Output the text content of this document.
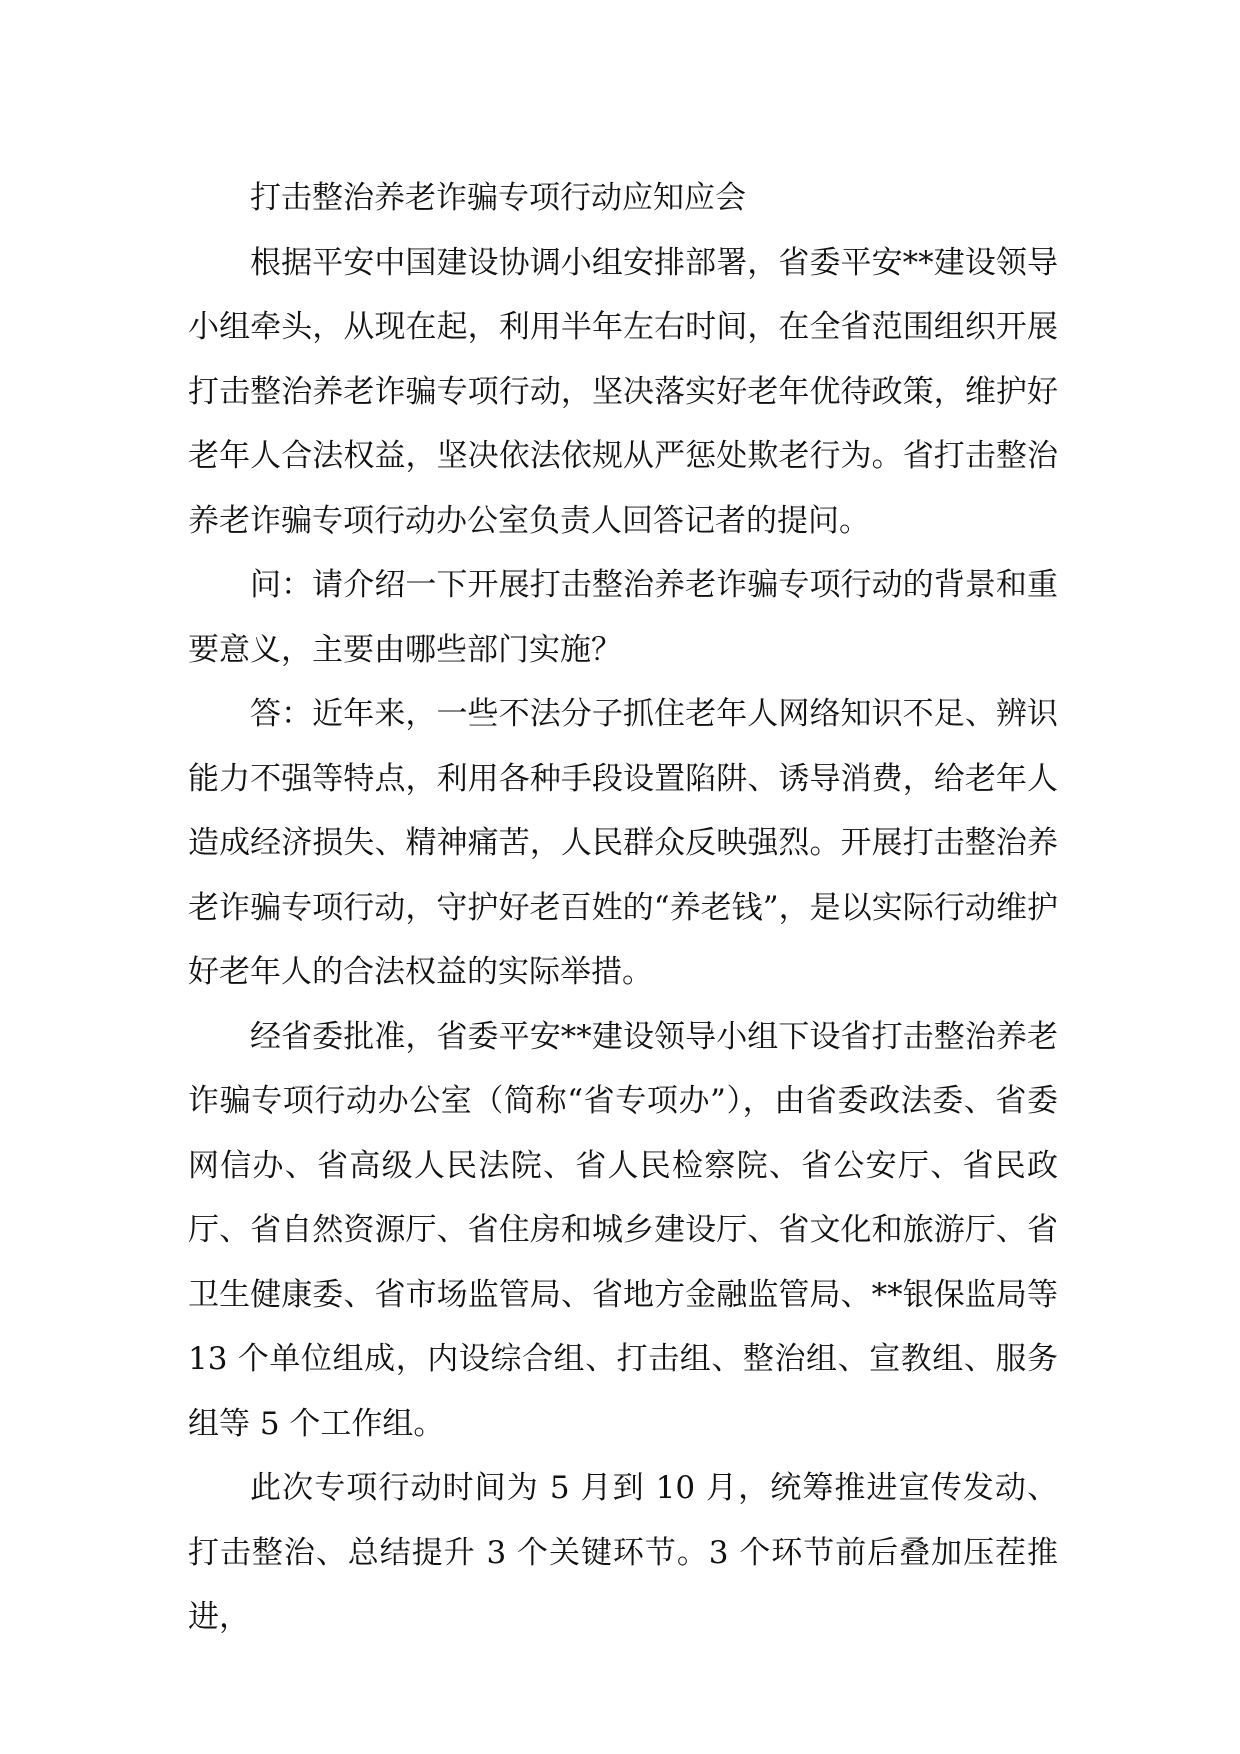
打击整治养老诈骗专项行动应知应会

根据平安中国建设协调小组安排部署，省委平安**建设领导小组牵头，从现在起，利用半年左右时间，在全省范围组织开展打击整治养老诈骗专项行动，坚决落实好老年优待政策，维护好老年人合法权益，坚决依法依规从严惩处欺老行为。省打击整治养老诈骗专项行动办公室负责人回答记者的提问。

问：请介绍一下开展打击整治养老诈骗专项行动的背景和重要意义，主要由哪些部门实施？

答：近年来，一些不法分子抓住老年人网络知识不足、辨识能力不强等特点，利用各种手段设置陷阱、诱导消费，给老年人造成经济损失、精神痛苦，人民群众反映强烈。开展打击整治养老诈骗专项行动，守护好老百姓的“养老钱”，是以实际行动维护好老年人的合法权益的实际举措。

经省委批准，省委平安**建设领导小组下设省打击整治养老诈骗专项行动办公室（简称“省专项办”），由省委政法委、省委网信办、省高级人民法院、省人民检察院、省公安厅、省民政厅、省自然资源厅、省住房和城乡建设厅、省文化和旅游厅、省卫生健康委、省市场监管局、省地方金融监管局、**银保监局等 13 个单位组成，内设综合组、打击组、整治组、宣教组、服务组等 5 个工作组。

此次专项行动时间为 5 月到 10 月，统筹推进宣传发动、打击整治、总结提升 3 个关键环节。3 个环节前后叠加压茬推进，
